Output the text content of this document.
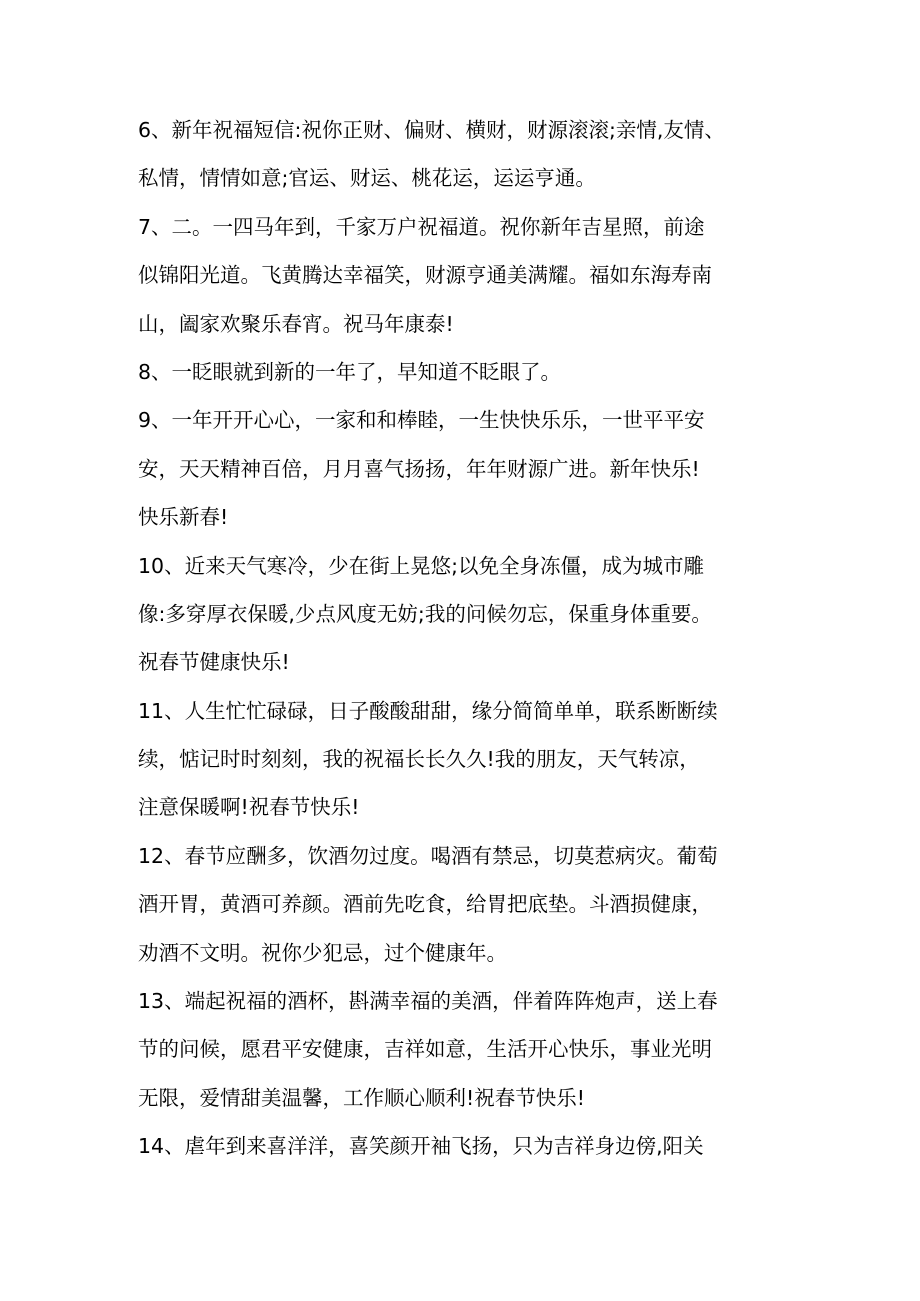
6、新年祝福短信:祝你正财、偏财、横财，财源滚滚;亲情,友情、
私情，情情如意;官运、财运、桃花运，运运亨通。
7、二。一四马年到，千家万户祝福道。祝你新年吉星照，前途
似锦阳光道。飞黄腾达幸福笑，财源亨通美满耀。福如东海寿南
山，阖家欢聚乐春宵。祝马年康泰!
8、一眨眼就到新的一年了，早知道不眨眼了。
9、一年开开心心，一家和和棒睦，一生快快乐乐，一世平平安
安，天天精神百倍，月月喜气扬扬，年年财源广进。新年快乐!
快乐新春!
10、近来天气寒冷，少在街上晃悠;以免全身冻僵，成为城市雕
像:多穿厚衣保暖,少点风度无妨;我的问候勿忘，保重身体重要。
祝春节健康快乐!
11、人生忙忙碌碌，日子酸酸甜甜，缘分简简单单，联系断断续
续，惦记时时刻刻，我的祝福长长久久!我的朋友，天气转凉，
注意保暖啊!祝春节快乐!
12、春节应酬多，饮酒勿过度。喝酒有禁忌，切莫惹病灾。葡萄
酒开胃，黄酒可养颜。酒前先吃食，给胃把底垫。斗酒损健康，
劝酒不文明。祝你少犯忌，过个健康年。
13、端起祝福的酒杯，斟满幸福的美酒，伴着阵阵炮声，送上春
节的问候，愿君平安健康，吉祥如意，生活开心快乐，事业光明
无限，爱情甜美温馨，工作顺心顺利!祝春节快乐!
14、虐年到来喜洋洋，喜笑颜开袖飞扬，只为吉祥身边傍,阳关
